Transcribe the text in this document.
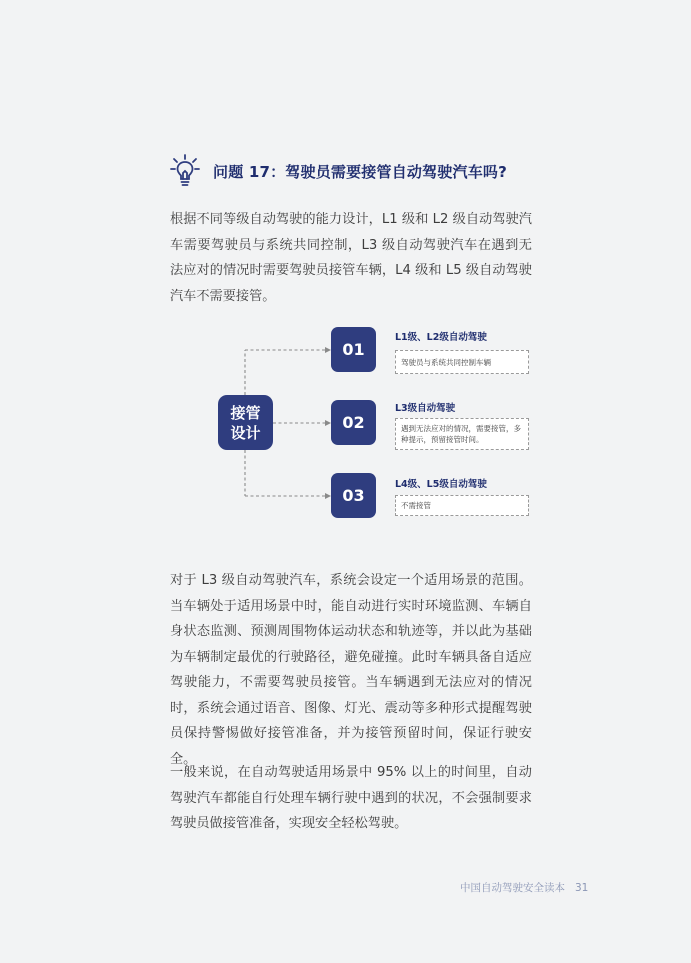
问题 17：驾驶员需要接管自动驾驶汽车吗?

根据不同等级自动驾驶的能力设计，L1 级和 L2 级自动驾驶汽车需要驾驶员与系统共同控制，L3 级自动驾驶汽车在遇到无法应对的情况时需要驾驶员接管车辆，L4 级和 L5 级自动驾驶汽车不需要接管。

接管设计
01
L1级、L2级自动驾驶
驾驶员与系统共同控制车辆
02
L3级自动驾驶
遇到无法应对的情况，需要接管，多种提示，预留接管时间。
03
L4级、L5级自动驾驶
不需接管

对于 L3 级自动驾驶汽车，系统会设定一个适用场景的范围。当车辆处于适用场景中时，能自动进行实时环境监测、车辆自身状态监测、预测周围物体运动状态和轨迹等，并以此为基础为车辆制定最优的行驶路径，避免碰撞。此时车辆具备自适应驾驶能力，不需要驾驶员接管。当车辆遇到无法应对的情况时，系统会通过语音、图像、灯光、震动等多种形式提醒驾驶员保持警惕做好接管准备，并为接管预留时间，保证行驶安全。

一般来说，在自动驾驶适用场景中 95% 以上的时间里，自动驾驶汽车都能自行处理车辆行驶中遇到的状况，不会强制要求驾驶员做接管准备，实现安全轻松驾驶。

中国自动驾驶安全读本 31
